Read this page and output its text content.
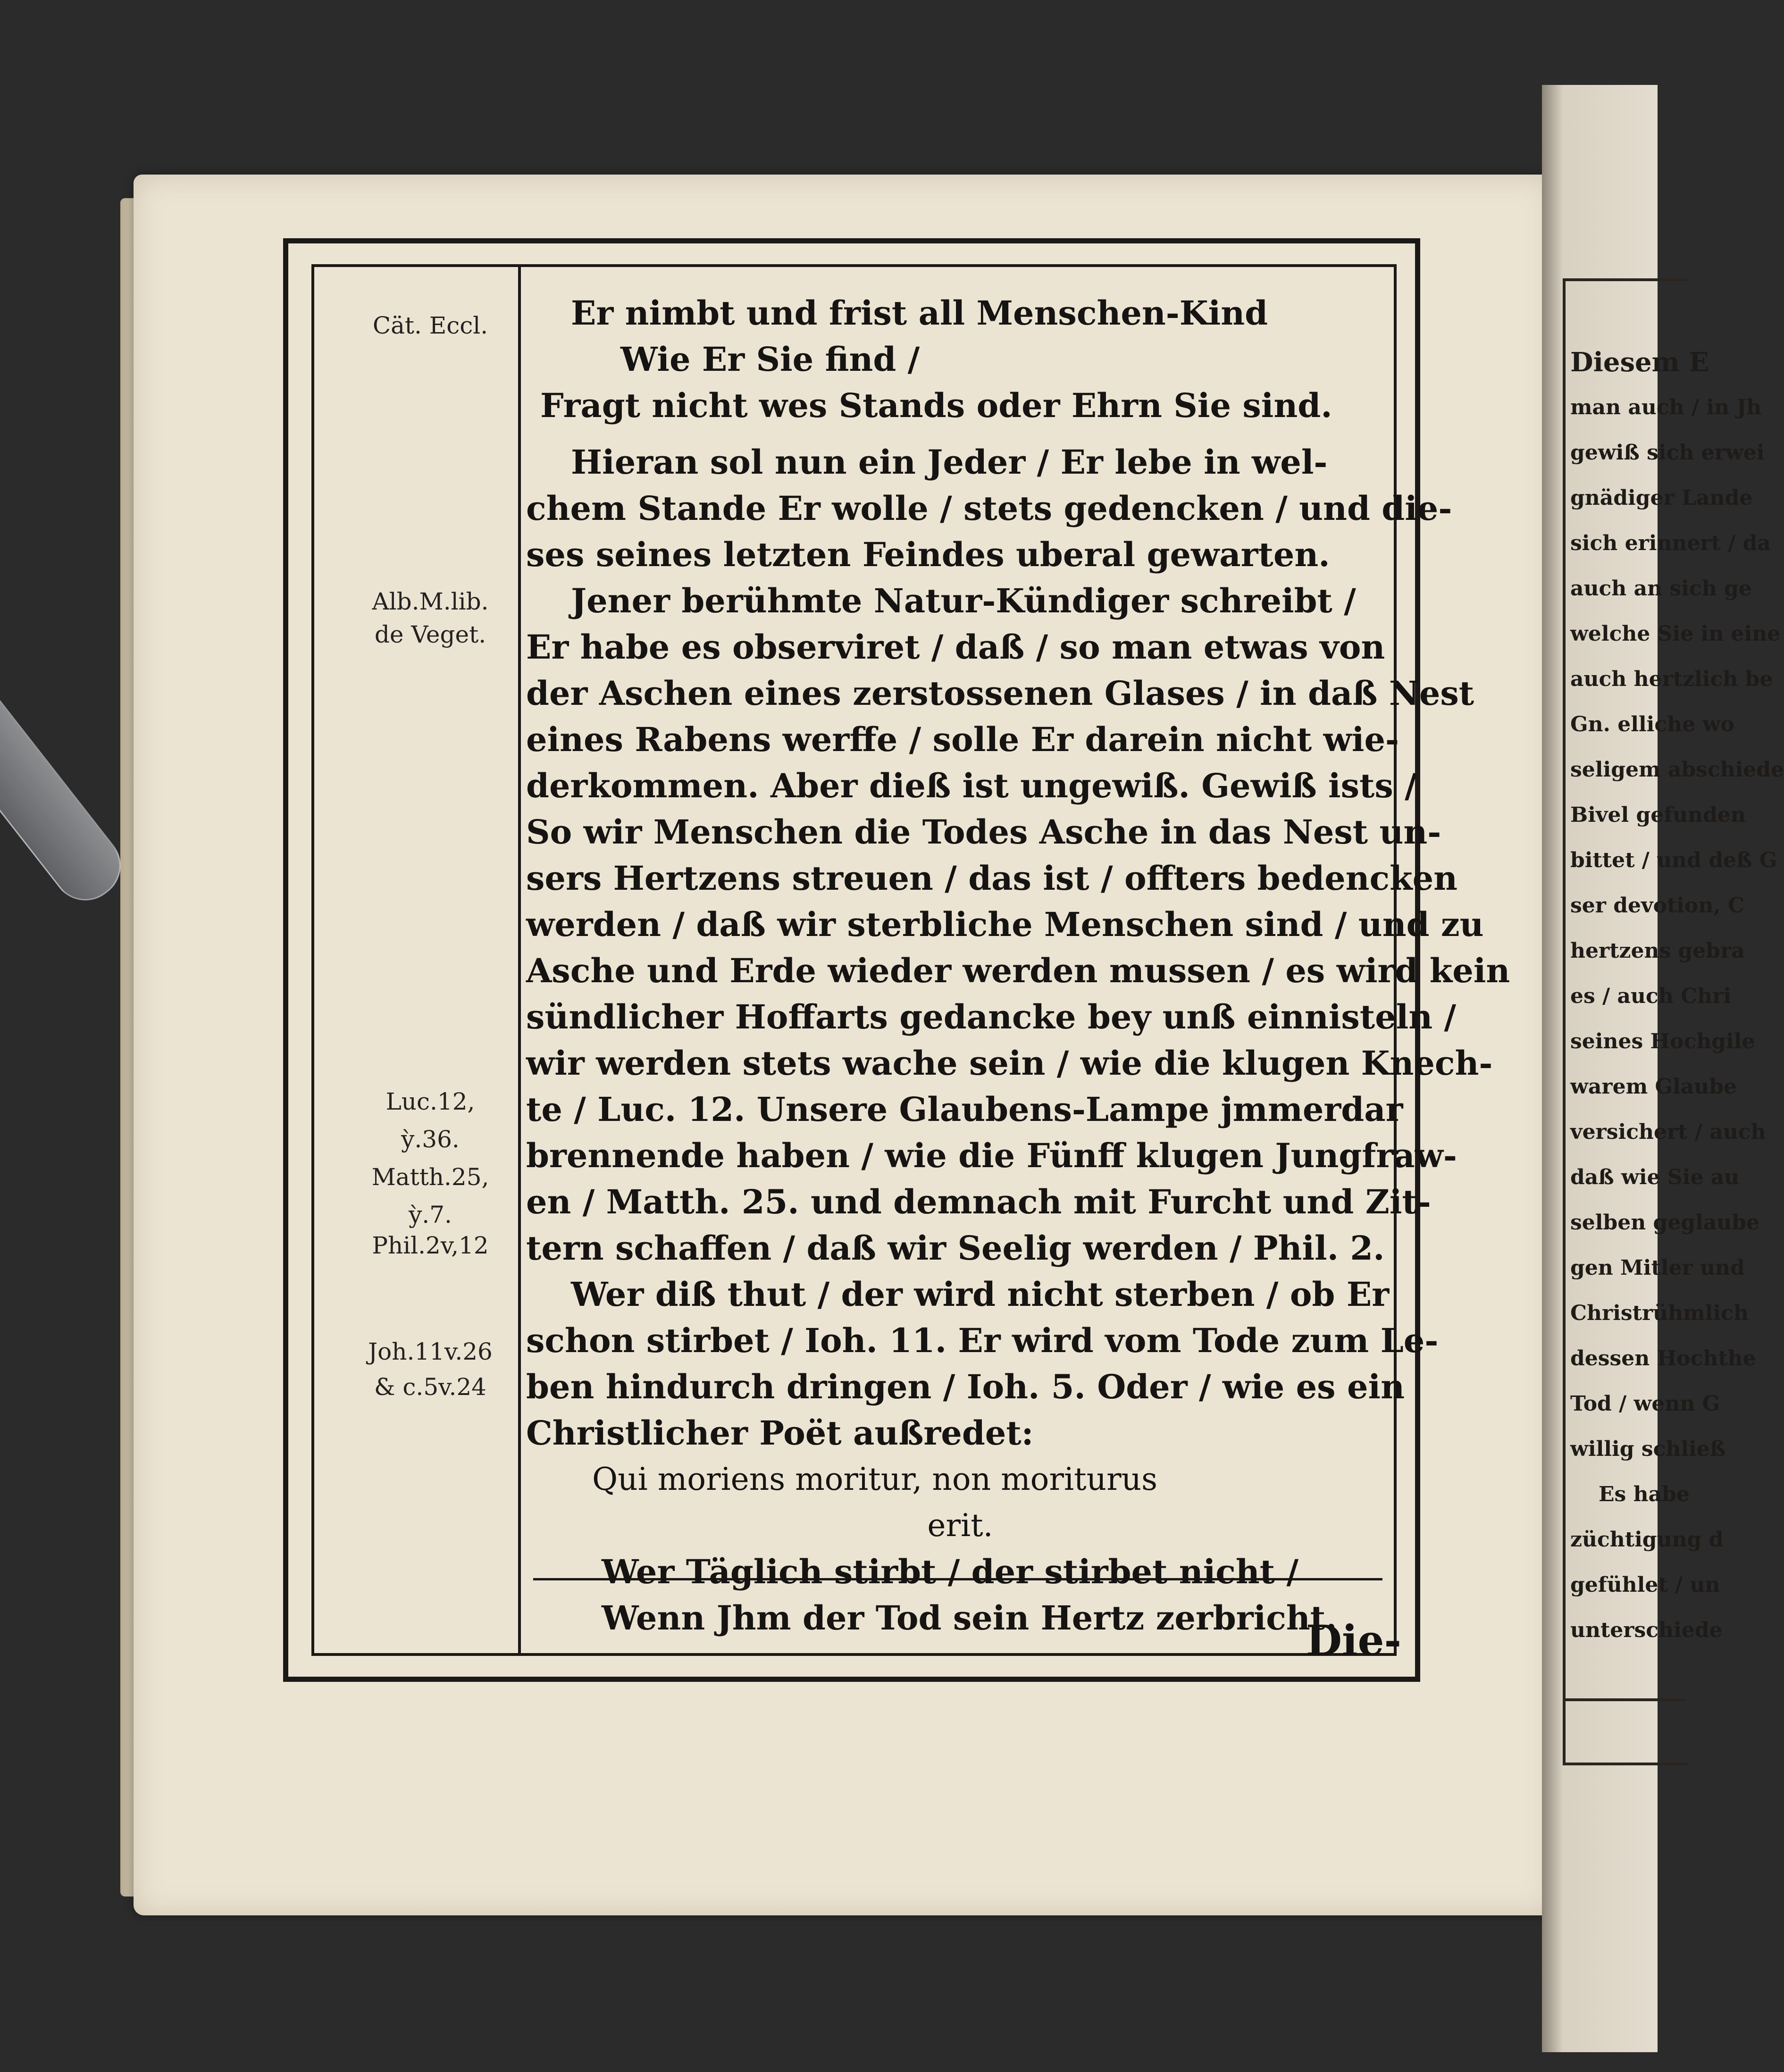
Diesem E
man auch / in Jh
gewiß sich erwei
gnädiger Lande
sich erinnert / da
auch an sich ge
welche Sie in eine
auch hertzlich be
Gn. elliche wo
seligem abschiede
Bivel gefunden
bittet / und deß G
ser devotion, C
hertzens gebra
es / auch Chri
seines Hochgile
warem Glaube
versichert / auch
daß wie Sie au
selben geglaube
gen Mitler und
Christrühmlich
dessen Hochthe
Tod / wenn G
willig schließ
Es habe
züchtigung d
gefühlet / un
unterschiede
Cät. Eccl.
Alb.M.lib.
de Veget.
Luc.12,
ỳ.36.
Matth.25,
ỳ.7.
Phil.2v,12
Joh.11v.26
& c.5v.24
Er nimbt und frist all Menschen-Kind
Wie Er Sie find /
Fragt nicht wes Stands oder Ehrn Sie sind.
Hieran sol nun ein Jeder / Er lebe in wel-
chem Stande Er wolle / stets gedencken / und die-
ses seines letzten Feindes uberal gewarten.
Jener berühmte Natur-Kündiger schreibt /
Er habe es observiret / daß / so man etwas von
der Aschen eines zerstossenen Glases / in daß Nest
eines Rabens werffe / solle Er darein nicht wie-
derkommen. Aber dieß ist ungewiß. Gewiß ists /
So wir Menschen die Todes Asche in das Nest un-
sers Hertzens streuen / das ist / offters bedencken
werden / daß wir sterbliche Menschen sind / und zu
Asche und Erde wieder werden mussen / es wird kein
sündlicher Hoffarts gedancke bey unß einnisteln /
wir werden stets wache sein / wie die klugen Knech-
te / Luc. 12. Unsere Glaubens-Lampe jmmerdar
brennende haben / wie die Fünff klugen Jungfraw-
en / Matth. 25. und demnach mit Furcht und Zit-
tern schaffen / daß wir Seelig werden / Phil. 2.
Wer diß thut / der wird nicht sterben / ob Er
schon stirbet / Ioh. 11. Er wird vom Tode zum Le-
ben hindurch dringen / Ioh. 5. Oder / wie es ein
Christlicher Poët außredet:
Qui moriens moritur, non moriturus
erit.
Wer Täglich stirbt / der stirbet nicht /
Wenn Jhm der Tod sein Hertz zerbricht.
Die-
